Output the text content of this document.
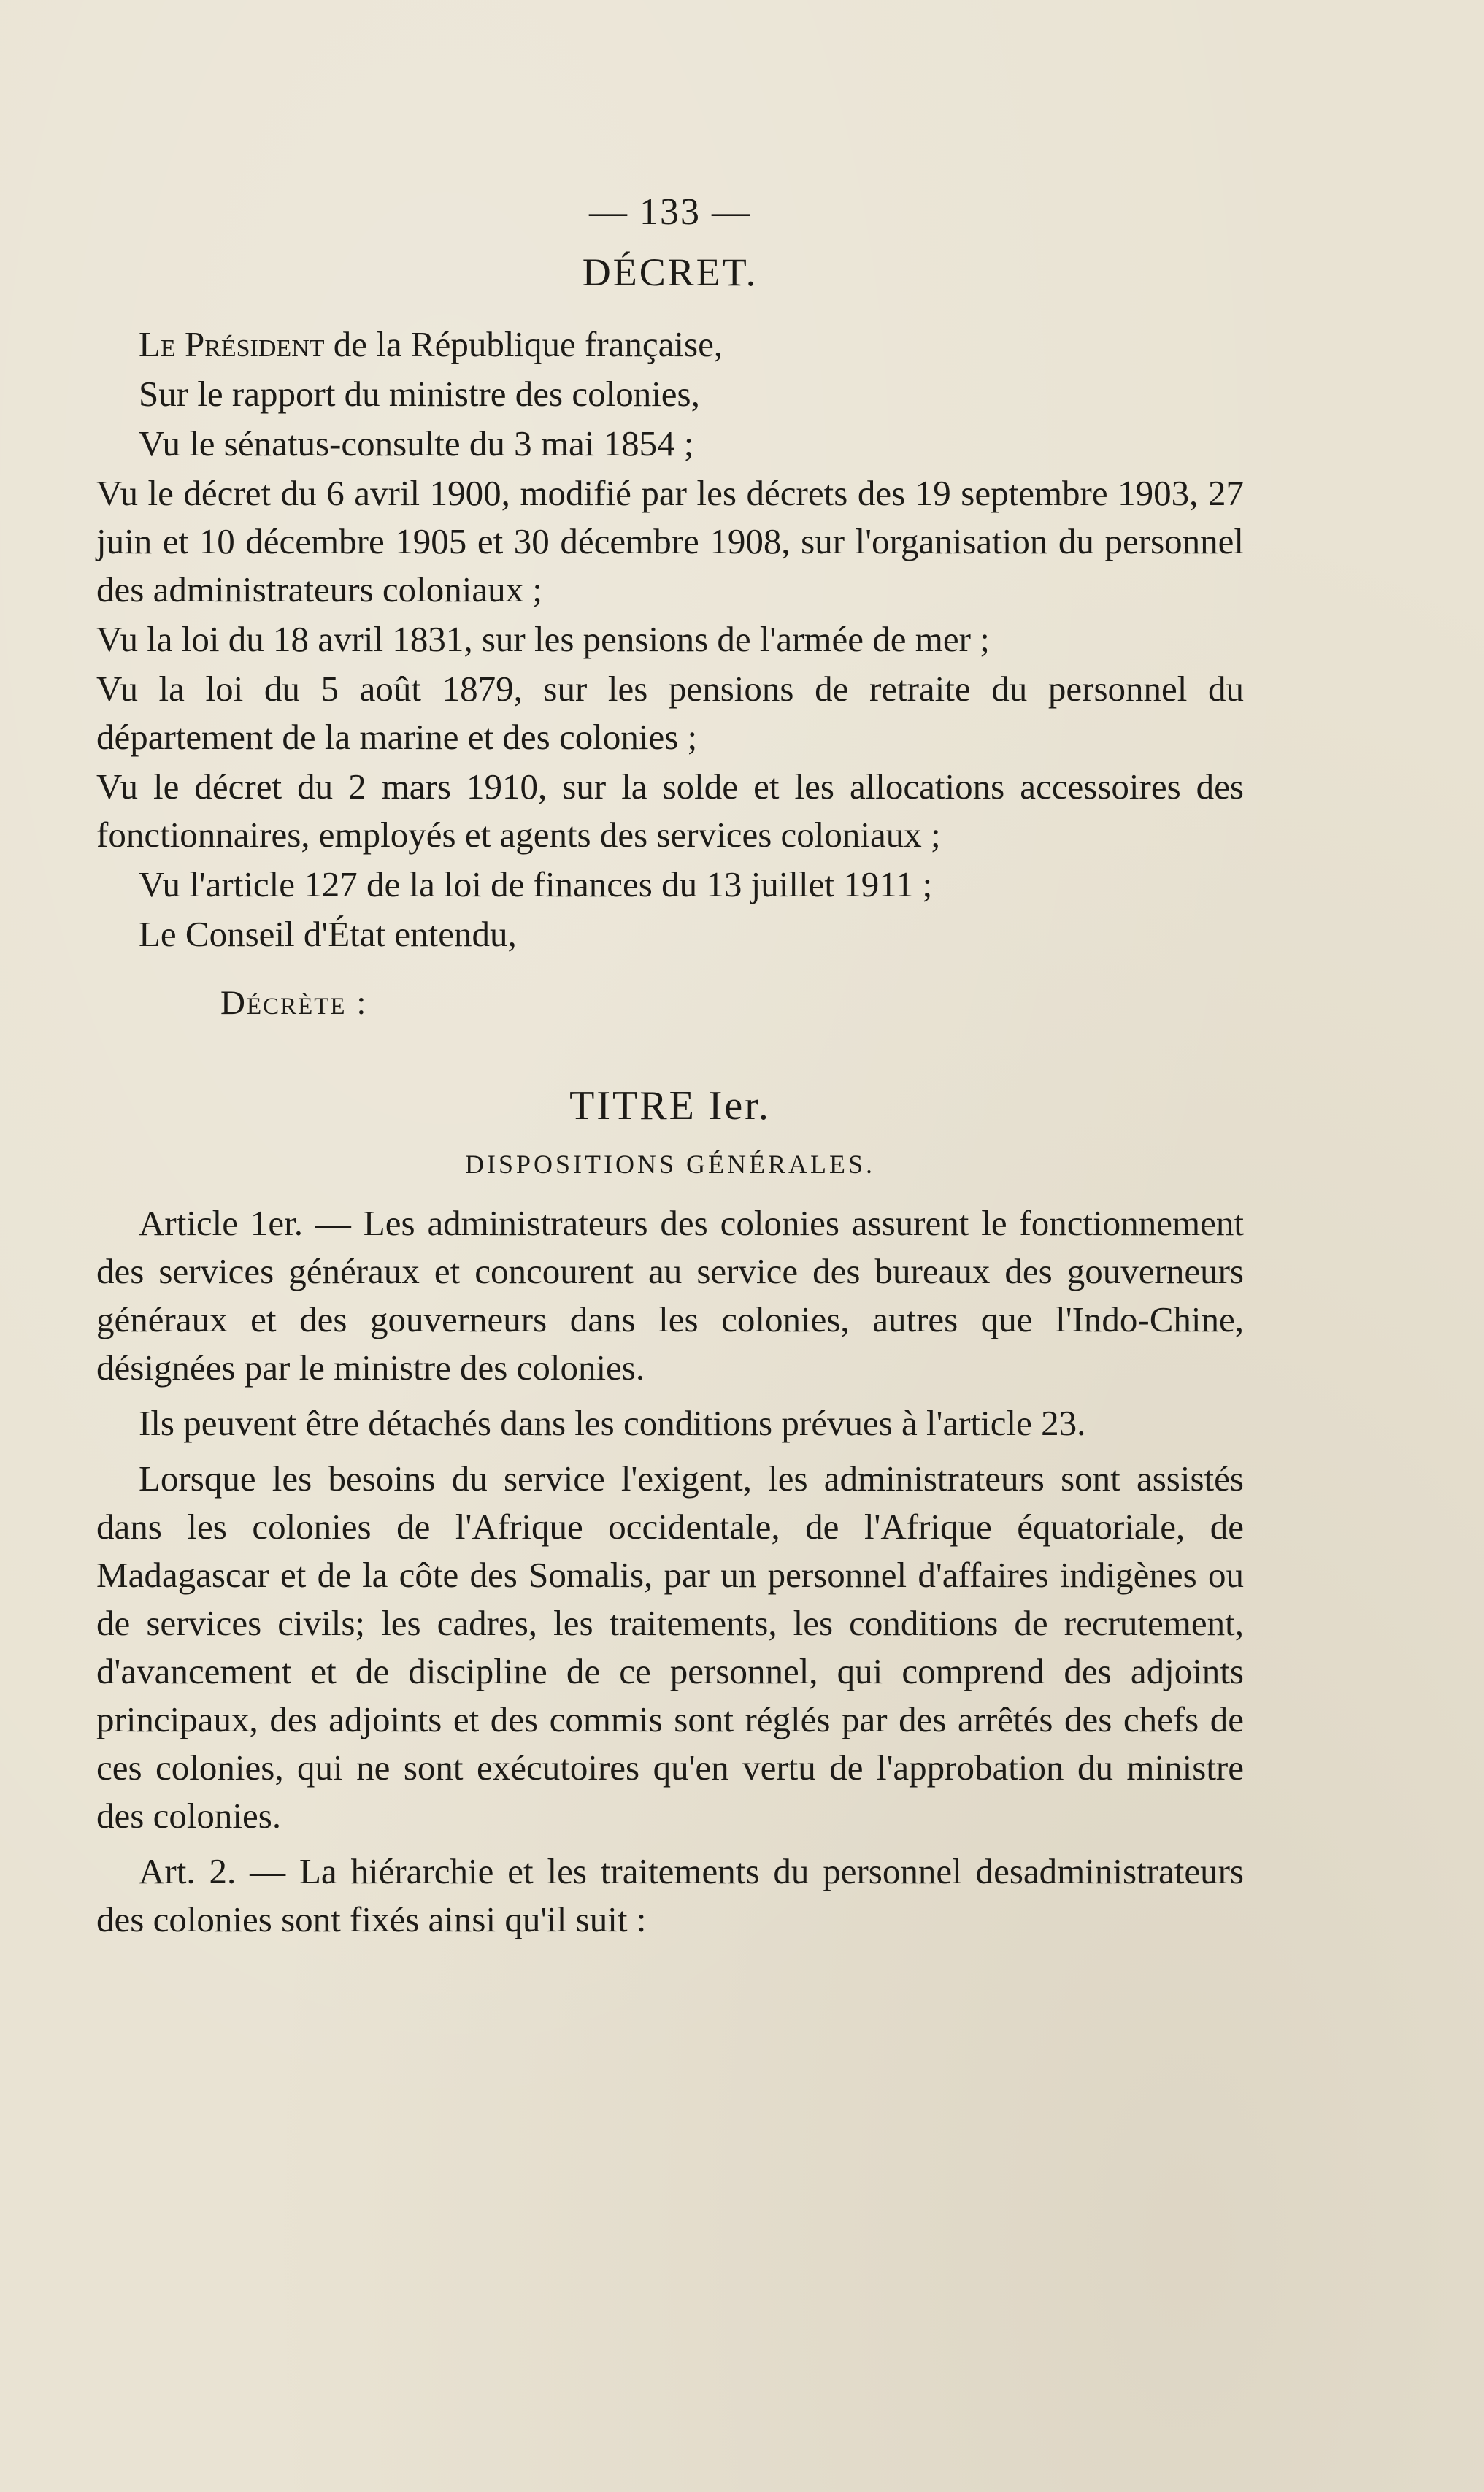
— 133 —
DÉCRET.

Le Président de la République française,

Sur le rapport du ministre des colonies,

Vu le sénatus-consulte du 3 mai 1854 ;

Vu le décret du 6 avril 1900, modifié par les décrets des 19 septembre 1903, 27 juin et 10 décembre 1905 et 30 décembre 1908, sur l'organisation du personnel des administrateurs coloniaux ;

Vu la loi du 18 avril 1831, sur les pensions de l'armée de mer ;

Vu la loi du 5 août 1879, sur les pensions de retraite du personnel du département de la marine et des colonies ;

Vu le décret du 2 mars 1910, sur la solde et les allocations accessoires des fonctionnaires, employés et agents des services coloniaux ;

Vu l'article 127 de la loi de finances du 13 juillet 1911 ;

Le Conseil d'État entendu,

Décrète :
TITRE Ier.
DISPOSITIONS GÉNÉRALES.

Article 1er. — Les administrateurs des colonies assurent le fonctionnement des services généraux et concourent au service des bureaux des gouverneurs généraux et des gouverneurs dans les colonies, autres que l'Indo-Chine, désignées par le ministre des colonies.

Ils peuvent être détachés dans les conditions prévues à l'article 23.

Lorsque les besoins du service l'exigent, les administrateurs sont assistés dans les colonies de l'Afrique occidentale, de l'Afrique équatoriale, de Madagascar et de la côte des Somalis, par un personnel d'affaires indigènes ou de services civils; les cadres, les traitements, les conditions de recrutement, d'avancement et de discipline de ce personnel, qui comprend des adjoints principaux, des adjoints et des commis sont réglés par des arrêtés des chefs de ces colonies, qui ne sont exécutoires qu'en vertu de l'approbation du ministre des colonies.

Art. 2. — La hiérarchie et les traitements du personnel desadministrateurs des colonies sont fixés ainsi qu'il suit :
